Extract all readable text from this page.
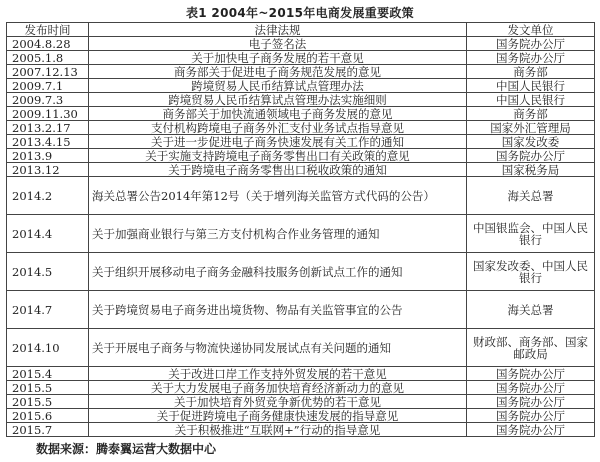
表1 2004年~2015年电商发展重要政策
发布时间	法律法规	发文单位
2004.8.28	电子签名法	国务院办公厅
2005.1.8	关于加快电子商务发展的若干意见	国务院办公厅
2007.12.13	商务部关于促进电子商务规范发展的意见	商务部
2009.7.1	跨境贸易人民币结算试点管理办法	中国人民银行
2009.7.3	跨境贸易人民币结算试点管理办法实施细则	中国人民银行
2009.11.30	商务部关于加快流通领域电子商务发展的意见	商务部
2013.2.17	支付机构跨境电子商务外汇支付业务试点指导意见	国家外汇管理局
2013.4.15	关于进一步促进电子商务快速发展有关工作的通知	国家发改委
2013.9	关于实施支持跨境电子商务零售出口有关政策的意见	国务院办公厅
2013.12	关于跨境电子商务零售出口税收政策的通知	国家税务局
2014.2	海关总署公告2014年第12号（关于增列海关监管方式代码的公告）	海关总署
2014.4	关于加强商业银行与第三方支付机构合作业务管理的通知	中国银监会、中国人民银行
2014.5	关于组织开展移动电子商务金融科技服务创新试点工作的通知	国家发改委、中国人民银行
2014.7	关于跨境贸易电子商务进出境货物、物品有关监管事宜的公告	海关总署
2014.10	关于开展电子商务与物流快递协同发展试点有关问题的通知	财政部、商务部、国家邮政局
2015.4	关于改进口岸工作支持外贸发展的若干意见	国务院办公厅
2015.5	关于大力发展电子商务加快培育经济新动力的意见	国务院办公厅
2015.5	关于加快培育外贸竞争新优势的若干意见	国务院办公厅
2015.6	关于促进跨境电子商务健康快速发展的指导意见	国务院办公厅
2015.7	关于积极推进“互联网+”行动的指导意见	国务院办公厅
数据来源：腾泰翼运营大数据中心
